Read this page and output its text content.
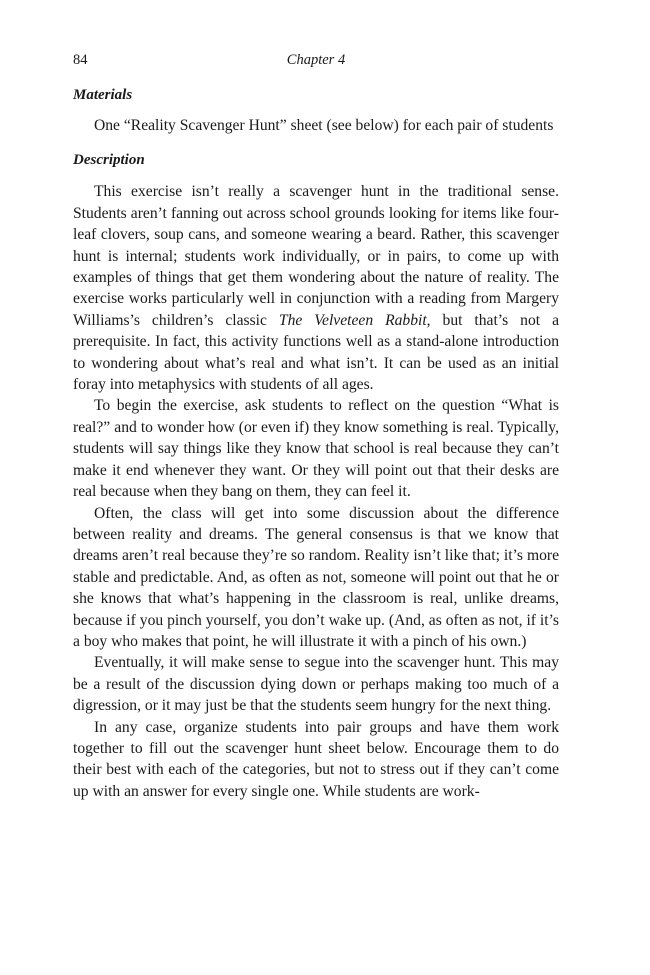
84	Chapter 4
Materials

One “Reality Scavenger Hunt” sheet (see below) for each pair of students

Description

This exercise isn’t really a scavenger hunt in the traditional sense. Students aren’t fanning out across school grounds looking for items like four-leaf clovers, soup cans, and someone wearing a beard. Rather, this scavenger hunt is internal; students work individually, or in pairs, to come up with examples of things that get them wondering about the nature of reality. The exercise works particularly well in conjunction with a reading from Margery Williams’s children’s classic The Velveteen Rabbit, but that’s not a prerequisite. In fact, this activity functions well as a stand-alone introduction to wondering about what’s real and what isn’t. It can be used as an initial foray into metaphysics with students of all ages.

To begin the exercise, ask students to reflect on the question “What is real?” and to wonder how (or even if) they know something is real. Typically, students will say things like they know that school is real because they can’t make it end whenever they want. Or they will point out that their desks are real because when they bang on them, they can feel it.

Often, the class will get into some discussion about the difference between reality and dreams. The general consensus is that we know that dreams aren’t real because they’re so random. Reality isn’t like that; it’s more stable and predictable. And, as often as not, someone will point out that he or she knows that what’s happening in the classroom is real, unlike dreams, because if you pinch yourself, you don’t wake up. (And, as often as not, if it’s a boy who makes that point, he will illustrate it with a pinch of his own.)

Eventually, it will make sense to segue into the scavenger hunt. This may be a result of the discussion dying down or perhaps making too much of a digression, or it may just be that the students seem hungry for the next thing.

In any case, organize students into pair groups and have them work together to fill out the scavenger hunt sheet below. Encourage them to do their best with each of the categories, but not to stress out if they can’t come up with an answer for every single one. While students are work-
